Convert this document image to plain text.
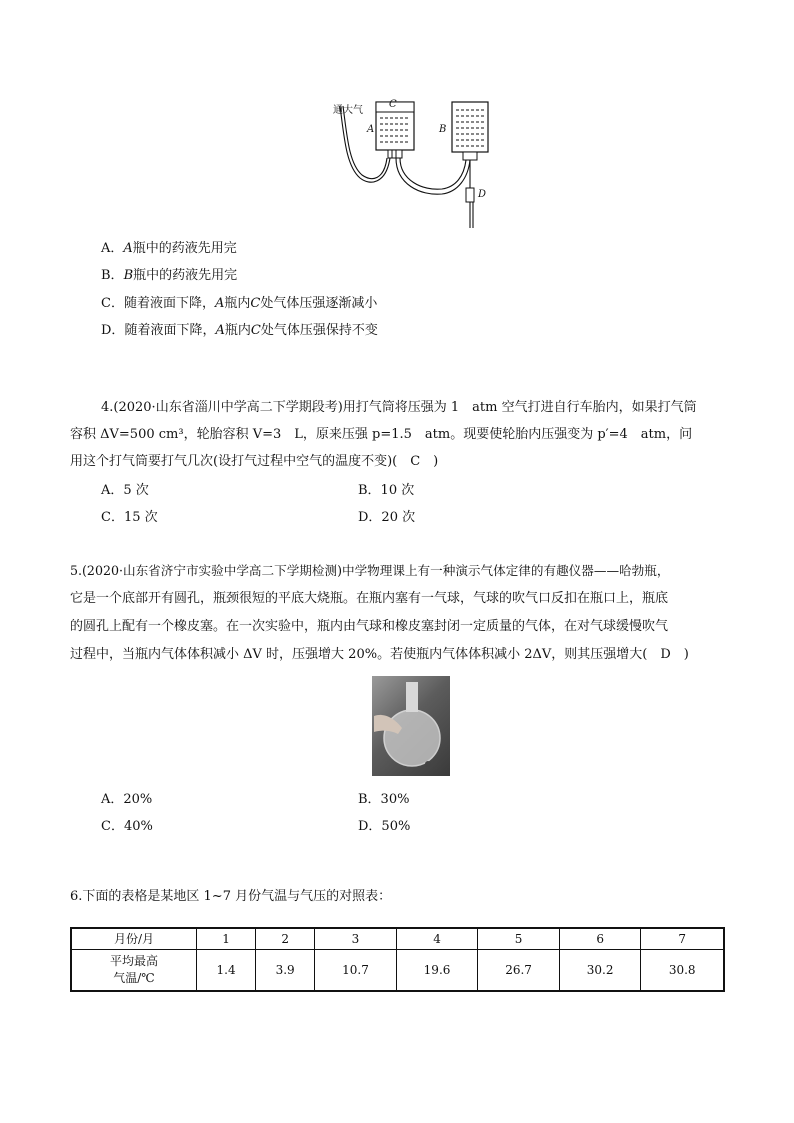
通大气
C
A	B
D
A．A瓶中的药液先用完
B．B瓶中的药液先用完
C．随着液面下降，A瓶内C处气体压强逐渐减小
D．随着液面下降，A瓶内C处气体压强保持不变
4.(2020·山东省淄川中学高二下学期段考)用打气筒将压强为 1　atm 空气打进自行车胎内，如果打气筒
容积 ΔV=500 cm³，轮胎容积 V=3　L，原来压强 p=1.5　atm。现要使轮胎内压强变为 p′=4　atm，问
用这个打气筒要打气几次(设打气过程中空气的温度不变)(　C　)
A．5 次	B．10 次
C．15 次	D．20 次
5.(2020·山东省济宁市实验中学高二下学期检测)中学物理课上有一种演示气体定律的有趣仪器——哈勃瓶，
它是一个底部开有圆孔，瓶颈很短的平底大烧瓶。在瓶内塞有一气球，气球的吹气口反扣在瓶口上，瓶底
的圆孔上配有一个橡皮塞。在一次实验中，瓶内由气球和橡皮塞封闭一定质量的气体，在对气球缓慢吹气
过程中，当瓶内气体体积减小 ΔV 时，压强增大 20%。若使瓶内气体体积减小 2ΔV，则其压强增大(　D　)
A．20%	B．30%
C．40%	D．50%
6.下面的表格是某地区 1~7 月份气温与气压的对照表：
月份/月	1	2	3	4	5	6	7
平均最高
气温/℃	1.4	3.9	10.7	19.6	26.7	30.2	30.8
